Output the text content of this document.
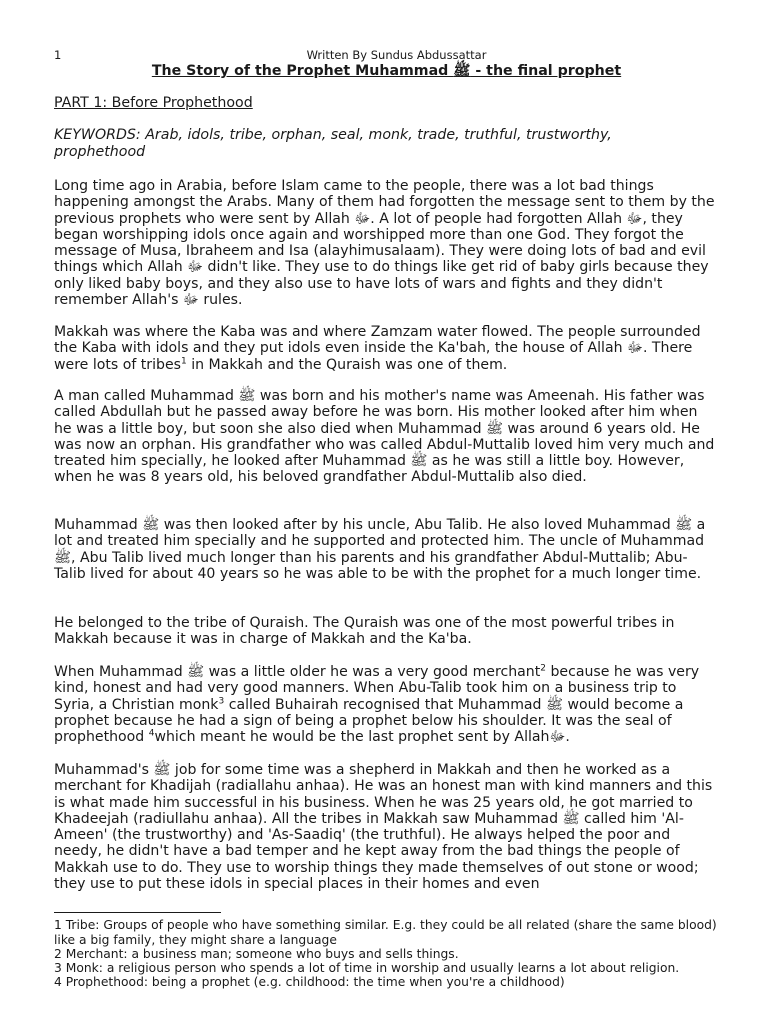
1	Written By Sundus Abdussattar
The Story of the Prophet Muhammad ﷺ - the final prophet
PART 1: Before Prophethood
KEYWORDS: Arab, idols, tribe, orphan, seal, monk, trade, truthful, trustworthy, prophethood

Long time ago in Arabia, before Islam came to the people, there was a lot bad things happening amongst the Arabs. Many of them had forgotten the message sent to them by the previous prophets who were sent by Allah ﷻ. A lot of people had forgotten Allah ﷻ, they began worshipping idols once again and worshipped more than one God. They forgot the message of Musa, Ibraheem and Isa (alayhimusalaam). They were doing lots of bad and evil things which Allah ﷻ didn't like. They use to do things like get rid of baby girls because they only liked baby boys, and they also use to have lots of wars and fights and they didn't remember Allah's ﷻ rules.

Makkah was where the Kaba was and where Zamzam water flowed. The people surrounded the Kaba with idols and they put idols even inside the Ka'bah, the house of Allah ﷻ. There were lots of tribes$^1$ in Makkah and the Quraish was one of them.

A man called Muhammad ﷺ was born and his mother's name was Ameenah. His father was called Abdullah but he passed away before he was born. His mother looked after him when he was a little boy, but soon she also died when Muhammad ﷺ was around 6 years old. He was now an orphan. His grandfather who was called Abdul-Muttalib loved him very much and treated him specially, he looked after Muhammad ﷺ as he was still a little boy. However, when he was 8 years old, his beloved grandfather Abdul-Muttalib also died.

Muhammad ﷺ was then looked after by his uncle, Abu Talib. He also loved Muhammad ﷺ a lot and treated him specially and he supported and protected him. The uncle of Muhammad ﷺ, Abu Talib lived much longer than his parents and his grandfather Abdul-Muttalib; Abu-Talib lived for about 40 years so he was able to be with the prophet for a much longer time.

He belonged to the tribe of Quraish. The Quraish was one of the most powerful tribes in Makkah because it was in charge of Makkah and the Ka'ba.

When Muhammad ﷺ was a little older he was a very good merchant$^2$ because he was very kind, honest and had very good manners. When Abu-Talib took him on a business trip to Syria, a Christian monk$^3$ called Buhairah recognised that Muhammad ﷺ would become a prophet because he had a sign of being a prophet below his shoulder. It was the seal of prophethood $^4$which meant he would be the last prophet sent by Allahﷻ.

Muhammad's ﷺ job for some time was a shepherd in Makkah and then he worked as a merchant for Khadijah (radiallahu anhaa). He was an honest man with kind manners and this is what made him successful in his business. When he was 25 years old, he got married to Khadeejah (radiullahu anhaa). All the tribes in Makkah saw Muhammad ﷺ called him 'Al-Ameen' (the trustworthy) and 'As-Saadiq' (the truthful). He always helped the poor and needy, he didn't have a bad temper and he kept away from the bad things the people of Makkah use to do. They use to worship things they made themselves of out stone or wood; they use to put these idols in special places in their homes and even

1 Tribe: Groups of people who have something similar. E.g. they could be all related (share the same blood) like a big family, they might share a language

2 Merchant: a business man; someone who buys and sells things.

3 Monk: a religious person who spends a lot of time in worship and usually learns a lot about religion.

4 Prophethood: being a prophet (e.g. childhood: the time when you're a childhood)
